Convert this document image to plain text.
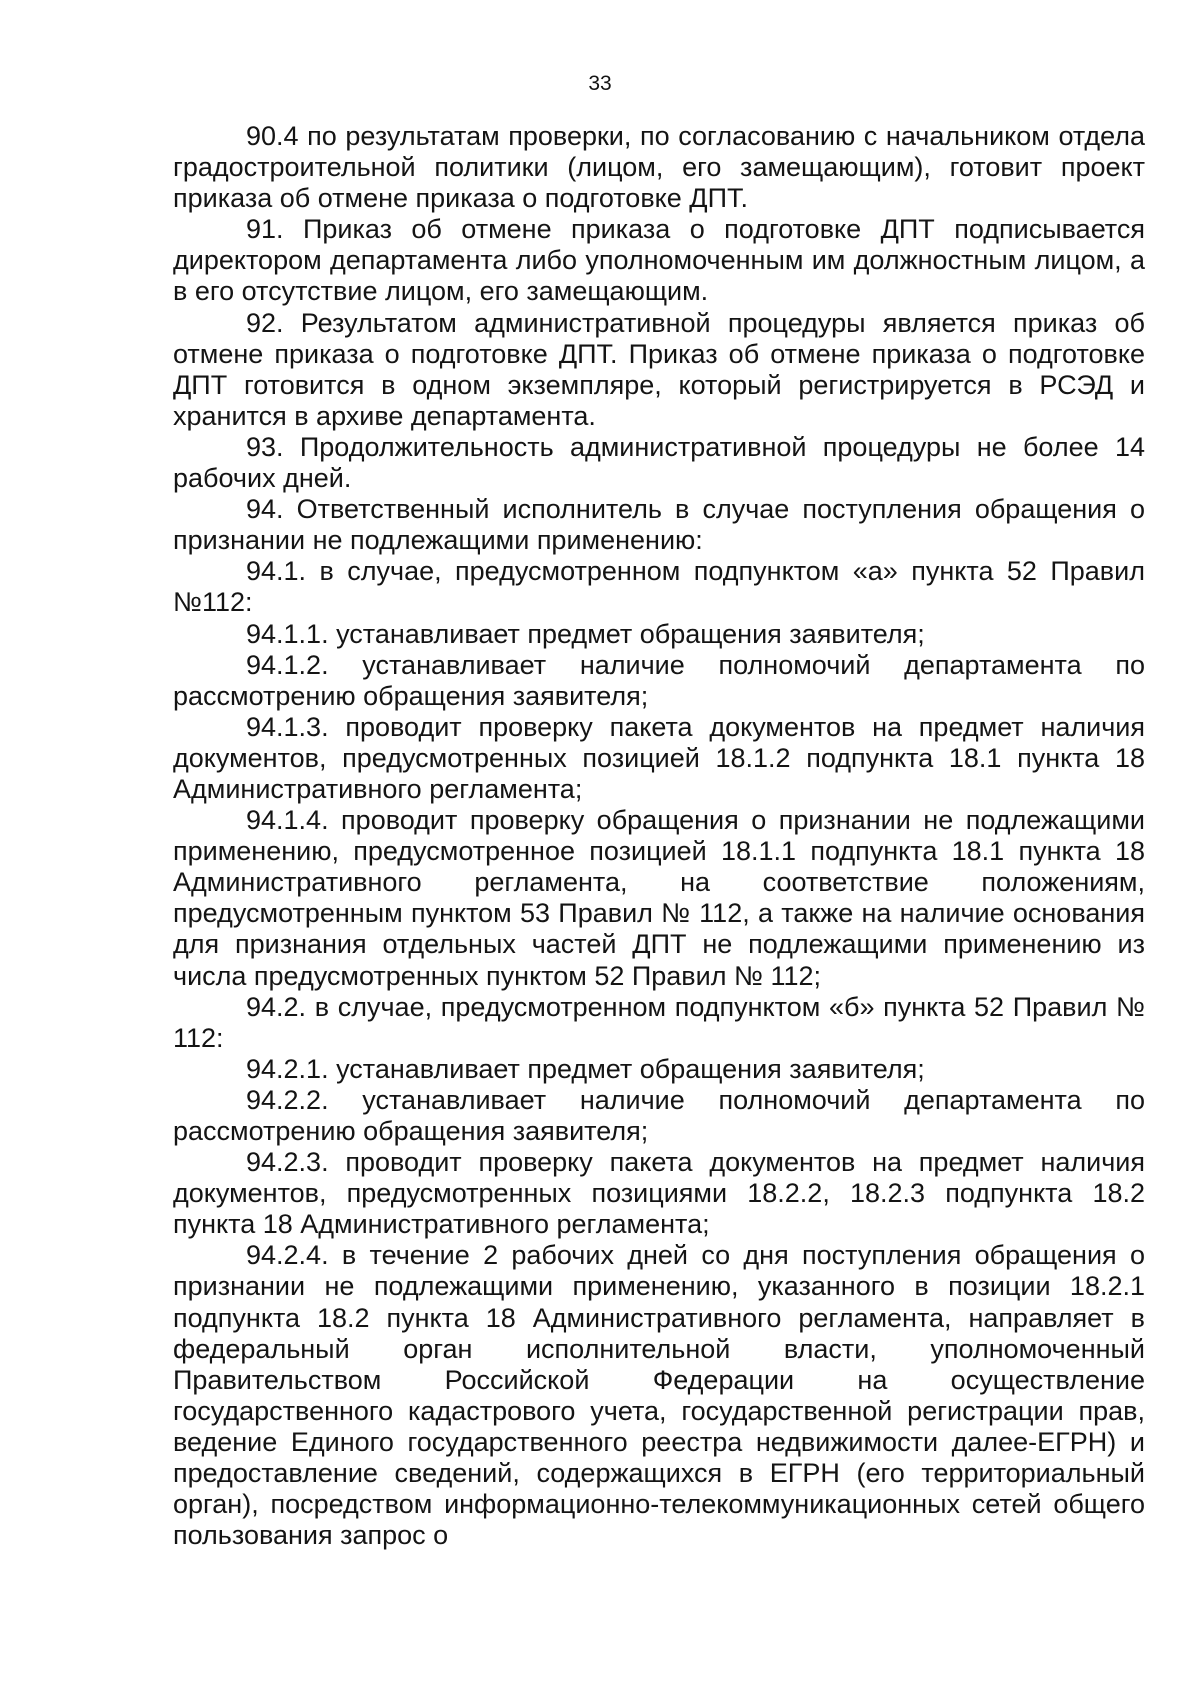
33

90.4 по результатам проверки, по согласованию с начальником отдела градостроительной политики (лицом, его замещающим), готовит проект приказа об отмене приказа о подготовке ДПТ.

91. Приказ об отмене приказа о подготовке ДПТ подписывается директором департамента либо уполномоченным им должностным лицом, а в его отсутствие лицом, его замещающим.

92. Результатом административной процедуры является приказ об отмене приказа о подготовке ДПТ. Приказ об отмене приказа о подготовке ДПТ готовится в одном экземпляре, который регистрируется в РСЭД и хранится в архиве департамента.

93. Продолжительность административной процедуры не более 14 рабочих дней.

94. Ответственный исполнитель в случае поступления обращения о признании не подлежащими применению:

94.1. в случае, предусмотренном подпунктом «а» пункта 52 Правил №112:

94.1.1. устанавливает предмет обращения заявителя;

94.1.2. устанавливает наличие полномочий департамента по рассмотрению обращения заявителя;

94.1.3. проводит проверку пакета документов на предмет наличия документов, предусмотренных позицией 18.1.2 подпункта 18.1 пункта 18 Административного регламента;

94.1.4. проводит проверку обращения о признании не подлежащими применению, предусмотренное позицией 18.1.1 подпункта 18.1 пункта 18 Административного регламента, на соответствие положениям, предусмотренным пунктом 53 Правил № 112, а также на наличие основания для признания отдельных частей ДПТ не подлежащими применению из числа предусмотренных пунктом 52 Правил № 112;

94.2. в случае, предусмотренном подпунктом «б» пункта 52 Правил № 112:

94.2.1. устанавливает предмет обращения заявителя;

94.2.2. устанавливает наличие полномочий департамента по рассмотрению обращения заявителя;

94.2.3. проводит проверку пакета документов на предмет наличия документов, предусмотренных позициями 18.2.2, 18.2.3 подпункта 18.2 пункта 18 Административного регламента;

94.2.4. в течение 2 рабочих дней со дня поступления обращения о признании не подлежащими применению, указанного в позиции 18.2.1 подпункта 18.2 пункта 18 Административного регламента, направляет в федеральный орган исполнительной власти, уполномоченный Правительством Российской Федерации на осуществление государственного кадастрового учета, государственной регистрации прав, ведение Единого государственного реестра недвижимости далее-ЕГРН) и предоставление сведений, содержащихся в ЕГРН (его территориальный орган), посредством информационно-телекоммуникационных сетей общего пользования запрос о
